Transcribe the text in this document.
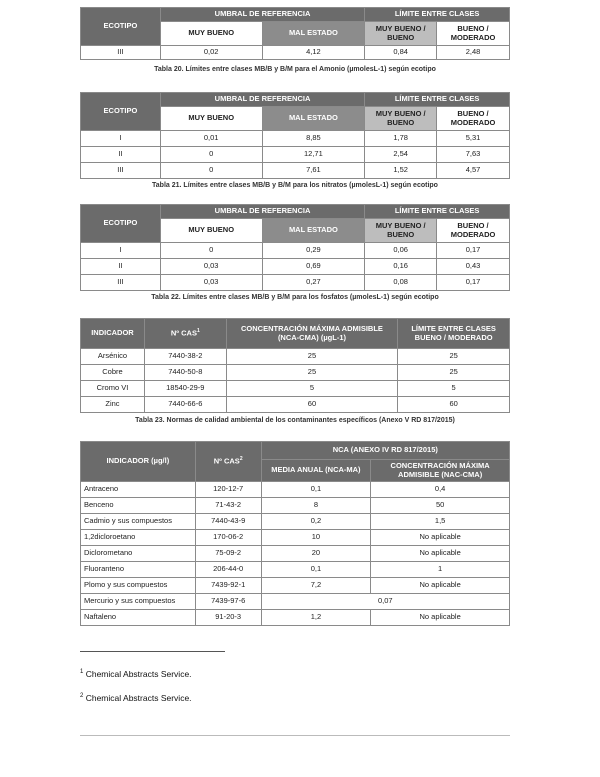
ECOTIPO	UMBRAL DE REFERENCIA		LÍMITE ENTRE CLASES	
	MUY BUENO	MAL ESTADO	MUY BUENO / BUENO	BUENO / MODERADO
III	0,02	4,12	0,84	2,48
Tabla 20. Límites entre clases MB/B y B/M para el Amonio (µmolesL-1) según ecotipo
ECOTIPO	UMBRAL DE REFERENCIA		LÍMITE ENTRE CLASES	
	MUY BUENO	MAL ESTADO	MUY BUENO / BUENO	BUENO / MODERADO
I	0,01	8,85	1,78	5,31
II	0	12,71	2,54	7,63
III	0	7,61	1,52	4,57
Tabla 21. Límites entre clases MB/B y B/M para los nitratos (µmolesL-1) según ecotipo
ECOTIPO	UMBRAL DE REFERENCIA		LÍMITE ENTRE CLASES	
	MUY BUENO	MAL ESTADO	MUY BUENO / BUENO	BUENO / MODERADO
I	0	0,29	0,06	0,17
II	0,03	0,69	0,16	0,43
III	0,03	0,27	0,08	0,17
Tabla 22. Límites entre clases MB/B y B/M para los fosfatos (µmolesL-1) según ecotipo
INDICADOR	Nº CAS$^1$	CONCENTRACIÓN MÁXIMA ADMISIBLE (NCA-CMA) (µgL-1)	LÍMITE ENTRE CLASES BUENO / MODERADO
Arsénico	7440-38-2	25	25
Cobre	7440-50-8	25	25
Cromo VI	18540-29-9	5	5
Zinc	7440-66-6	60	60
Tabla 23. Normas de calidad ambiental de los contaminantes específicos (Anexo V RD 817/2015)
INDICADOR (µg/l)	Nº CAS$^2$	NCA (ANEXO IV RD 817/2015)	
		MEDIA ANUAL (NCA-MA)	CONCENTRACIÓN MÁXIMA ADMISIBLE (NAC-CMA)
Antraceno	120-12-7	0,1	0,4
Benceno	71-43-2	8	50
Cadmio y sus compuestos	7440-43-9	0,2	1,5
1,2dicloroetano	170-06-2	10	No aplicable
Diclorometano	75-09-2	20	No aplicable
Fluoranteno	206-44-0	0,1	1
Plomo y sus compuestos	7439-92-1	7,2	No aplicable
Mercurio y sus compuestos	7439-97-6	0,07	
Naftaleno	91-20-3	1,2	No aplicable
$^1$ Chemical Abstracts Service.
$^2$ Chemical Abstracts Service.
